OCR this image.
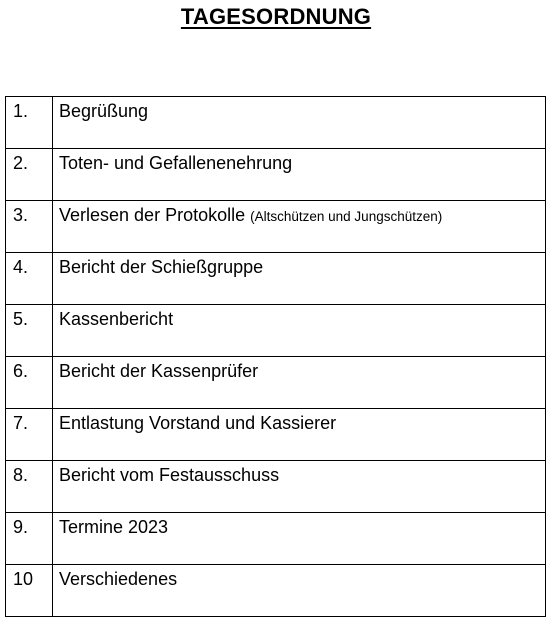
TAGESORDNUNG
1.	Begrüßung
2.	Toten- und Gefallenenehrung
3.	Verlesen der Protokolle (Altschützen und Jungschützen)
4.	Bericht der Schießgruppe
5.	Kassenbericht
6.	Bericht der Kassenprüfer
7.	Entlastung Vorstand und Kassierer
8.	Bericht vom Festausschuss
9.	Termine 2023
10	Verschiedenes
